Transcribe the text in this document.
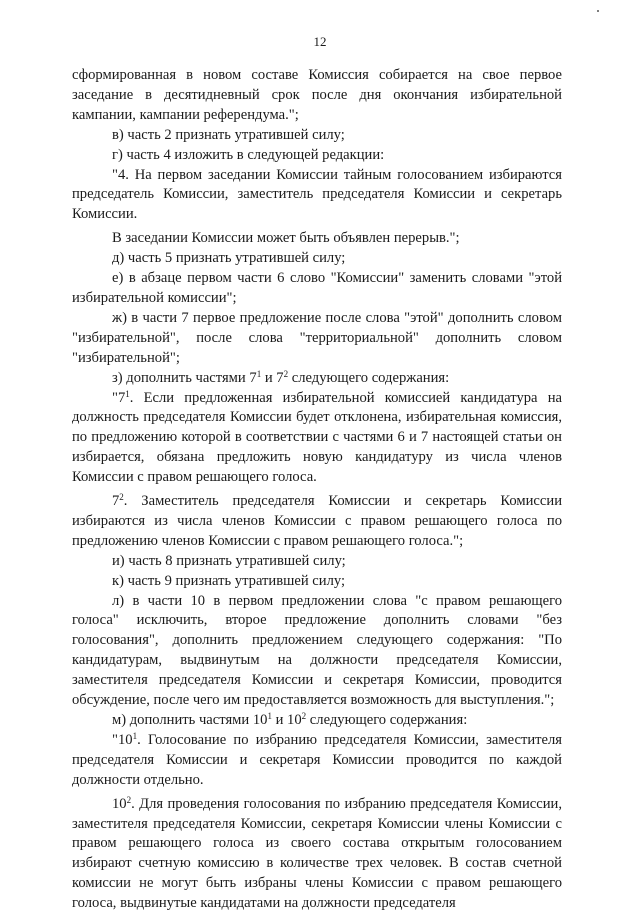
12

сформированная в новом составе Комиссия собирается на свое первое заседание в десятидневный срок после дня окончания избирательной кампании, кампании референдума.";

в) часть 2 признать утратившей силу;

г) часть 4 изложить в следующей редакции:

"4. На первом заседании Комиссии тайным голосованием избираются председатель Комиссии, заместитель председателя Комиссии и секретарь Комиссии.

В заседании Комиссии может быть объявлен перерыв.";

д) часть 5 признать утратившей силу;

е) в абзаце первом части 6 слово "Комиссии" заменить словами "этой избирательной комиссии";

ж) в части 7 первое предложение после слова "этой" дополнить словом "избирательной", после слова "территориальной" дополнить словом "избирательной";

з) дополнить частями $7^1$ и $7^2$ следующего содержания:

"$7^1$. Если предложенная избирательной комиссией кандидатура на должность председателя Комиссии будет отклонена, избирательная комиссия, по предложению которой в соответствии с частями 6 и 7 настоящей статьи он избирается, обязана предложить новую кандидатуру из числа членов Комиссии с правом решающего голоса.

$7^2$. Заместитель председателя Комиссии и секретарь Комиссии избираются из числа членов Комиссии с правом решающего голоса по предложению членов Комиссии с правом решающего голоса.";

и) часть 8 признать утратившей силу;

к) часть 9 признать утратившей силу;

л) в части 10 в первом предложении слова "с правом решающего голоса" исключить, второе предложение дополнить словами "без голосования", дополнить предложением следующего содержания: "По кандидатурам, выдвинутым на должности председателя Комиссии, заместителя председателя Комиссии и секретаря Комиссии, проводится обсуждение, после чего им предоставляется возможность для выступления.";

м) дополнить частями $10^1$ и $10^2$ следующего содержания:

"$10^1$. Голосование по избранию председателя Комиссии, заместителя председателя Комиссии и секретаря Комиссии проводится по каждой должности отдельно.

$10^2$. Для проведения голосования по избранию председателя Комиссии, заместителя председателя Комиссии, секретаря Комиссии члены Комиссии с правом решающего голоса из своего состава открытым голосованием избирают счетную комиссию в количестве трех человек. В состав счетной комиссии не могут быть избраны члены Комиссии с правом решающего голоса, выдвинутые кандидатами на должности председателя
